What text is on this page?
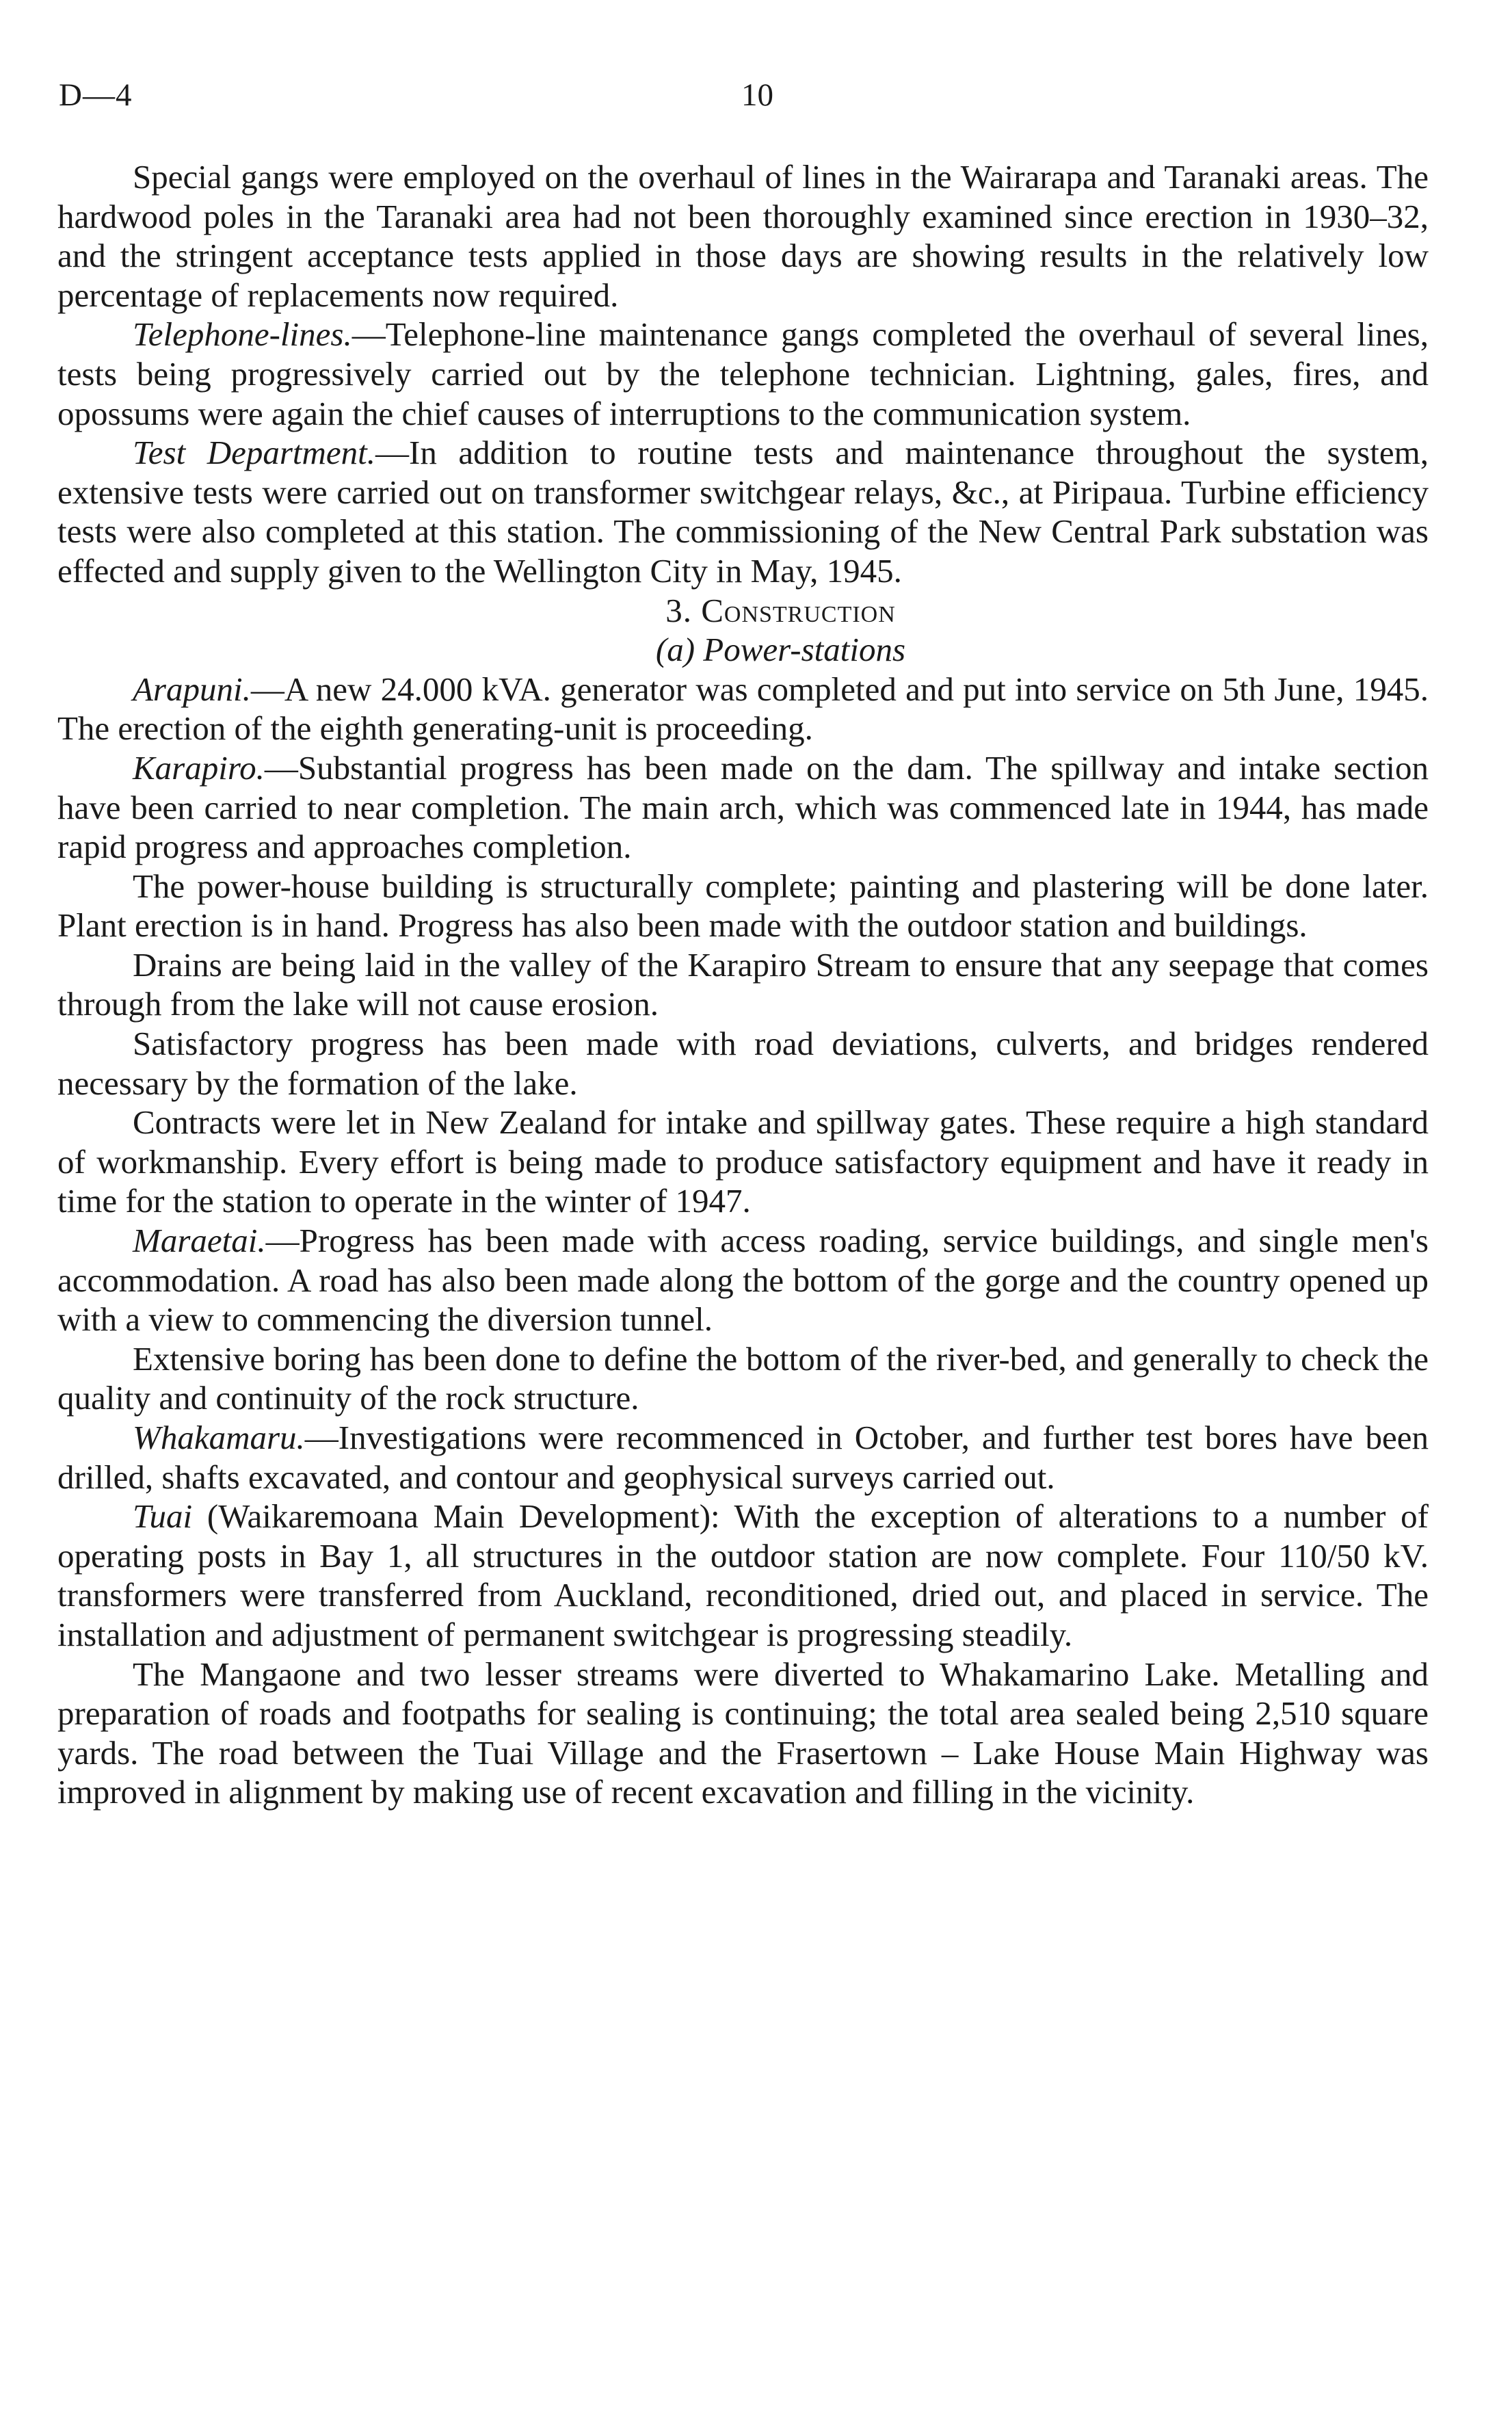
D—4	10

Special gangs were employed on the overhaul of lines in the Wairarapa and Taranaki areas. The hardwood poles in the Taranaki area had not been thoroughly examined since erection in 1930–32, and the stringent acceptance tests applied in those days are showing results in the relatively low percentage of replacements now required.

Telephone-lines.—Telephone-line maintenance gangs completed the overhaul of several lines, tests being progressively carried out by the telephone technician. Lightning, gales, fires, and opossums were again the chief causes of interruptions to the communication system.

Test Department.—In addition to routine tests and maintenance throughout the system, extensive tests were carried out on transformer switchgear relays, &c., at Piripaua. Turbine efficiency tests were also completed at this station. The commissioning of the New Central Park substation was effected and supply given to the Wellington City in May, 1945.

3. Construction

(a) Power-stations

Arapuni.—A new 24.000 kVA. generator was completed and put into service on 5th June, 1945. The erection of the eighth generating-unit is proceeding.

Karapiro.—Substantial progress has been made on the dam. The spillway and intake section have been carried to near completion. The main arch, which was commenced late in 1944, has made rapid progress and approaches completion.

The power-house building is structurally complete; painting and plastering will be done later. Plant erection is in hand. Progress has also been made with the outdoor station and buildings.

Drains are being laid in the valley of the Karapiro Stream to ensure that any seepage that comes through from the lake will not cause erosion.

Satisfactory progress has been made with road deviations, culverts, and bridges rendered necessary by the formation of the lake.

Contracts were let in New Zealand for intake and spillway gates. These require a high standard of workmanship. Every effort is being made to produce satisfactory equipment and have it ready in time for the station to operate in the winter of 1947.

Maraetai.—Progress has been made with access roading, service buildings, and single men's accommodation. A road has also been made along the bottom of the gorge and the country opened up with a view to commencing the diversion tunnel.

Extensive boring has been done to define the bottom of the river-bed, and generally to check the quality and continuity of the rock structure.

Whakamaru.—Investigations were recommenced in October, and further test bores have been drilled, shafts excavated, and contour and geophysical surveys carried out.

Tuai (Waikaremoana Main Development): With the exception of alterations to a number of operating posts in Bay 1, all structures in the outdoor station are now complete. Four 110/50 kV. transformers were transferred from Auckland, reconditioned, dried out, and placed in service. The installation and adjustment of permanent switchgear is progressing steadily.

The Mangaone and two lesser streams were diverted to Whakamarino Lake. Metalling and preparation of roads and footpaths for sealing is continuing; the total area sealed being 2,510 square yards. The road between the Tuai Village and the Frasertown – Lake House Main Highway was improved in alignment by making use of recent excavation and filling in the vicinity.
